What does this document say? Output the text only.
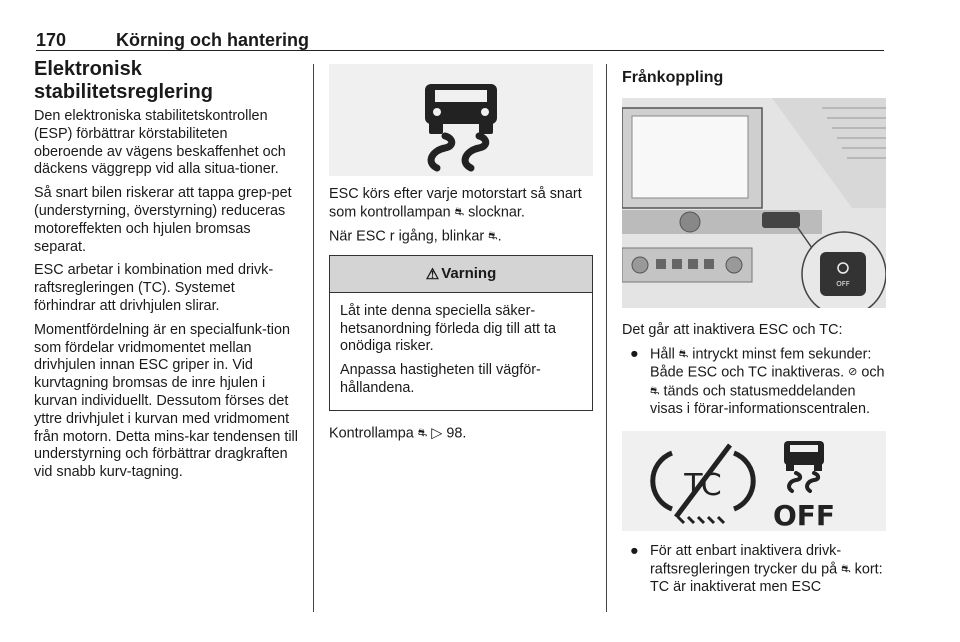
170	Körning och hantering
Elektronisk stabilitetsreglering

Den elektroniska stabilitetskontrollen (ESP) förbättrar körstabiliteten oberoende av vägens beskaffenhet och däckens väggrepp vid alla situa-tioner.

Så snart bilen riskerar att tappa grep-pet (understyrning, överstyrning) reduceras motoreffekten och hjulen bromsas separat.

ESC arbetar i kombination med drivk-raftsregleringen (TC). Systemet förhindrar att drivhjulen slirar.

Momentfördelning är en specialfunk-tion som fördelar vridmomentet mellan drivhjulen innan ESC griper in. Vid kurvtagning bromsas de inre hjulen i kurvan individuellt. Dessutom förses det yttre drivhjulet i kurvan med vridmoment från motorn. Detta mins-kar tendensen till understyrning och förbättrar dragkraften vid snabb kurv-tagning.

ESC körs efter varje motorstart så snart som kontrollampan ⛐ slocknar.

När ESC r igång, blinkar ⛐.

⚠ Varning

Låt inte denna speciella säker-hetsanordning förleda dig till att ta onödiga risker.

Anpassa hastigheten till vägför-hållandena.

Kontrollampa ⛐ ▷ 98.

Frånkoppling
OFF

Det går att inaktivera ESC och TC:

● Håll ⛐ intryckt minst fem sekunder: Både ESC och TC inaktiveras. ⊘ och ⛐ tänds och statusmeddelanden visas i förar-informationscentralen.
TC
OFF
● För att enbart inaktivera drivk-raftsregleringen trycker du på ⛐ kort: TC är inaktiverat men ESC
